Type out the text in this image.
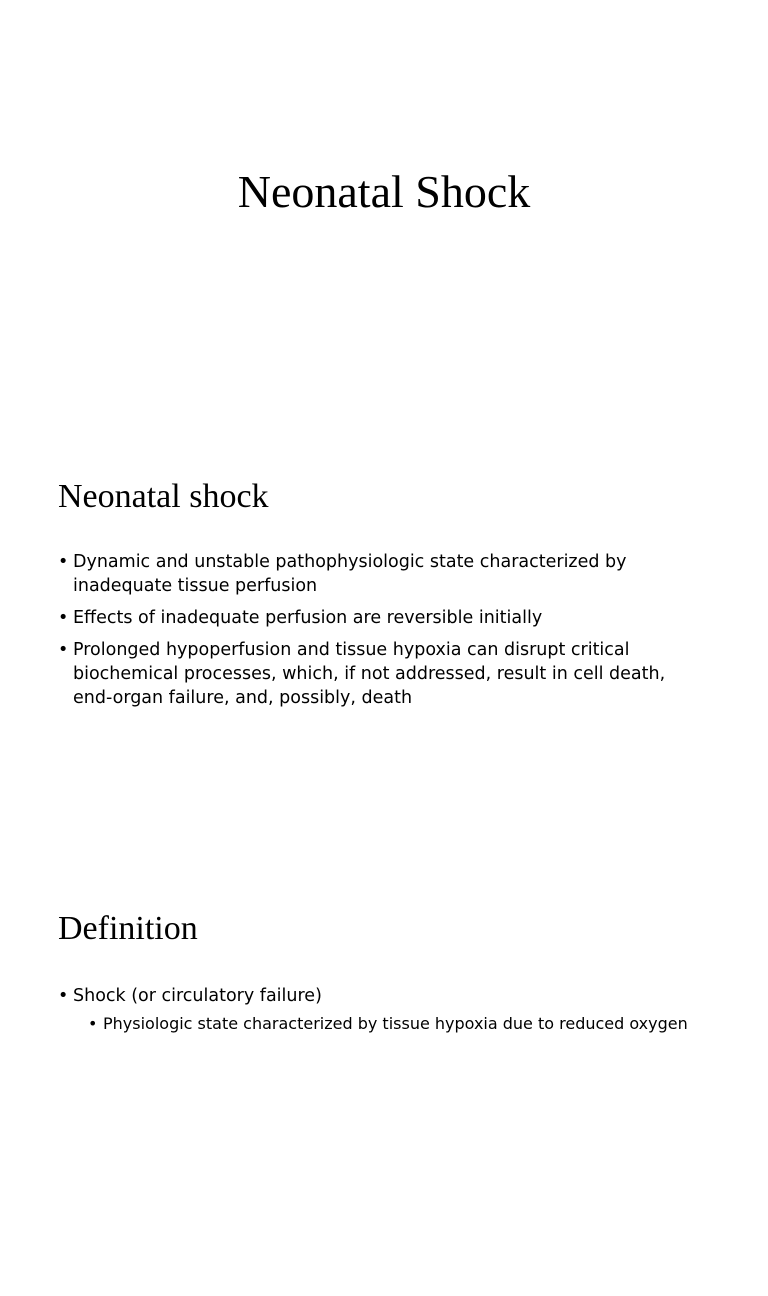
Neonatal Shock
Neonatal shock
• Dynamic and unstable pathophysiologic state characterized by inadequate tissue perfusion
• Effects of inadequate perfusion are reversible initially
• Prolonged hypoperfusion and tissue hypoxia can disrupt critical biochemical processes, which, if not addressed, result in cell death, end-organ failure, and, possibly, death
Definition
• Shock (or circulatory failure)
• Physiologic state characterized by tissue hypoxia due to reduced oxygen
